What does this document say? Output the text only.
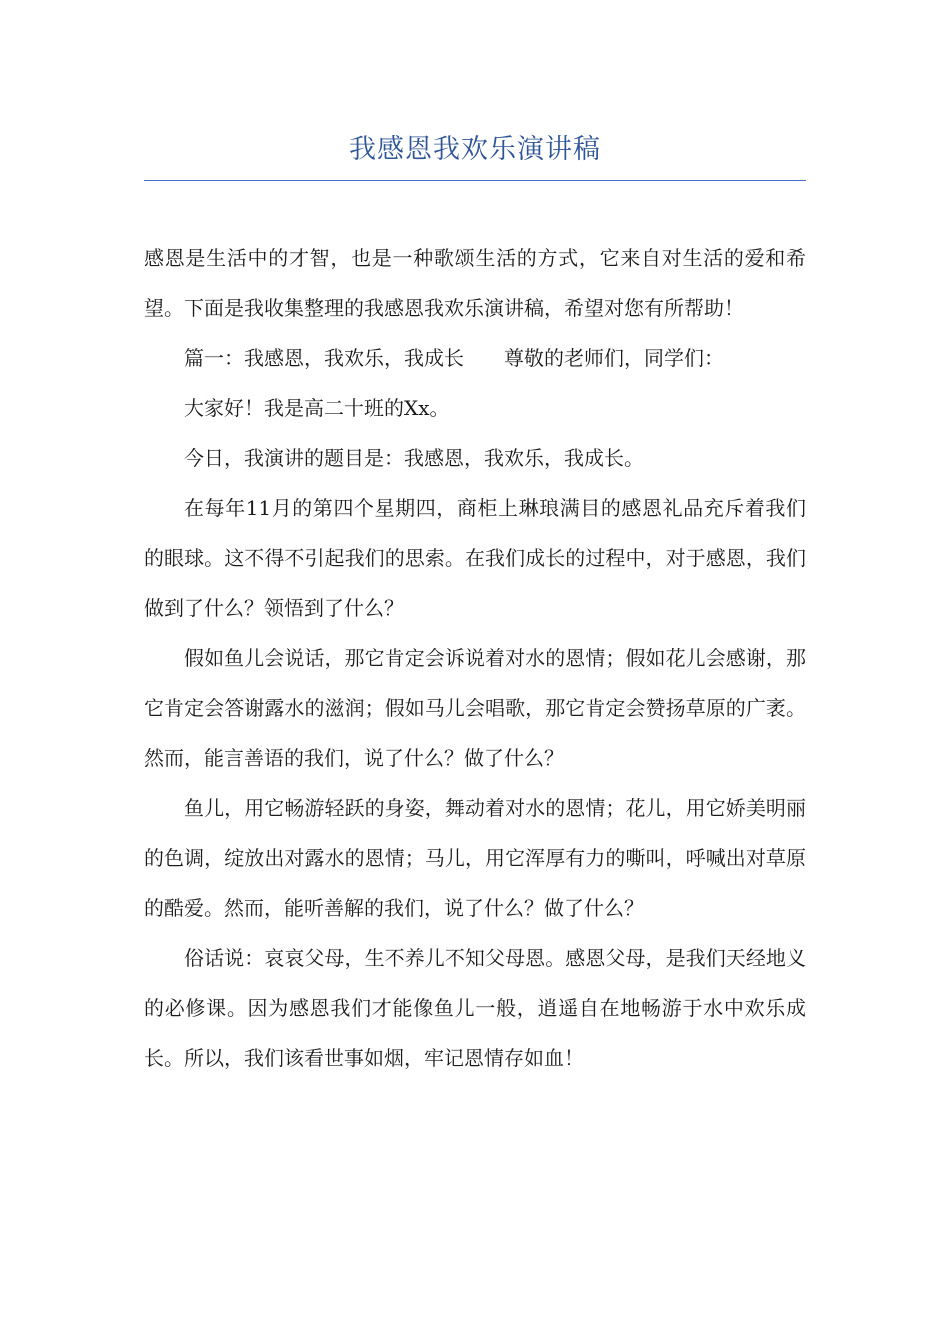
我感恩我欢乐演讲稿

感恩是生活中的才智，也是一种歌颂生活的方式，它来自对生活的爱和希望。下面是我收集整理的我感恩我欢乐演讲稿，希望对您有所帮助！

篇一：我感恩，我欢乐，我成长　　尊敬的老师们，同学们：

大家好！我是高二十班的Xx。

今日，我演讲的题目是：我感恩，我欢乐，我成长。

在每年11月的第四个星期四，商柜上琳琅满目的感恩礼品充斥着我们的眼球。这不得不引起我们的思索。在我们成长的过程中，对于感恩，我们做到了什么？领悟到了什么？

假如鱼儿会说话，那它肯定会诉说着对水的恩情；假如花儿会感谢，那它肯定会答谢露水的滋润；假如马儿会唱歌，那它肯定会赞扬草原的广袤。然而，能言善语的我们，说了什么？做了什么？

鱼儿，用它畅游轻跃的身姿，舞动着对水的恩情；花儿，用它娇美明丽的色调，绽放出对露水的恩情；马儿，用它浑厚有力的嘶叫，呼喊出对草原的酷爱。然而，能听善解的我们，说了什么？做了什么？

俗话说：哀哀父母，生不养儿不知父母恩。感恩父母，是我们天经地义的必修课。因为感恩我们才能像鱼儿一般，逍遥自在地畅游于水中欢乐成长。所以，我们该看世事如烟，牢记恩情存如血！
